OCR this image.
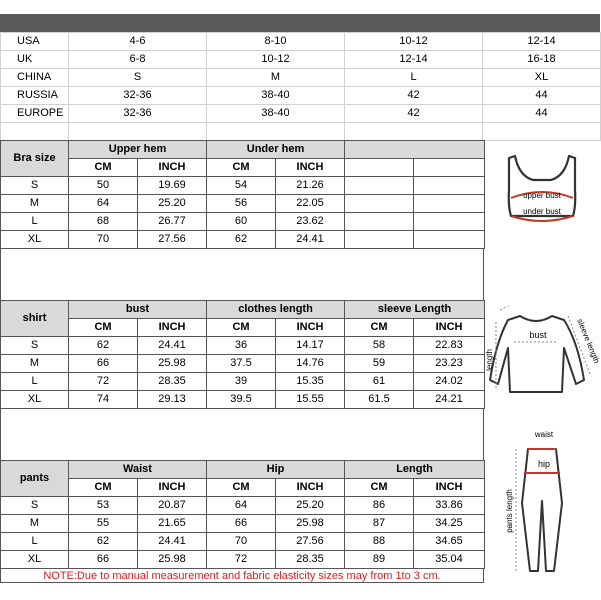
USA	4-6	8-10	10-12	12-14
UK	6-8	10-12	12-14	16-18
CHINA	S	M	L	XL
RUSSIA	32-36	38-40	42	44
EUROPE	32-36	38-40	42	44

Bra size	Upper hem		Under hem			
	CM	INCH	CM	INCH		
S	50	19.69	54	21.26		
M	64	25.20	56	22.05		
L	68	26.77	60	23.62		
XL	70	27.56	62	24.41		
shirt	bust		clothes length		sleeve Length	
	CM	INCH	CM	INCH	CM	INCH
S	62	24.41	36	14.17	58	22.83
M	66	25.98	37.5	14.76	59	23.23
L	72	28.35	39	15.35	61	24.02
XL	74	29.13	39.5	15.55	61.5	24.21
pants	Waist		Hip		Length	
	CM	INCH	CM	INCH	CM	INCH
S	53	20.87	64	25.20	86	33.86
M	55	21.65	66	25.98	87	34.25
L	62	24.41	70	27.56	88	34.65
XL	66	25.98	72	28.35	89	35.04
NOTE:Due to manual measurement and fabric elasticity sizes may from 1to 3 cm.
upper bust
under bust
length
bust	sleeve length
waist
hip
pants length
